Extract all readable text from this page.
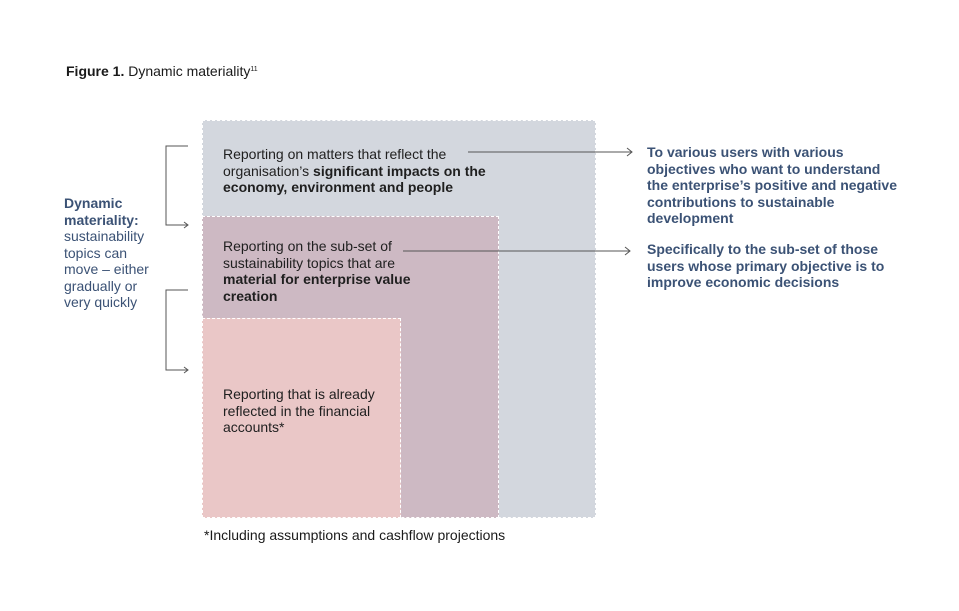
Figure 1. Dynamic materiality$^{11}$
Reporting on matters that reflect the organisation’s significant impacts on the economy, environment and people
Reporting on the sub-set of sustainability topics that are material for enterprise value creation
Reporting that is already reflected in the financial accounts*
Dynamic materiality: sustainability topics can move – either gradually or very quickly
To various users with various objectives who want to understand the enterprise’s positive and negative contributions to sustainable development
Specifically to the sub-set of those users whose primary objective is to improve economic decisions
*Including assumptions and cashflow projections
